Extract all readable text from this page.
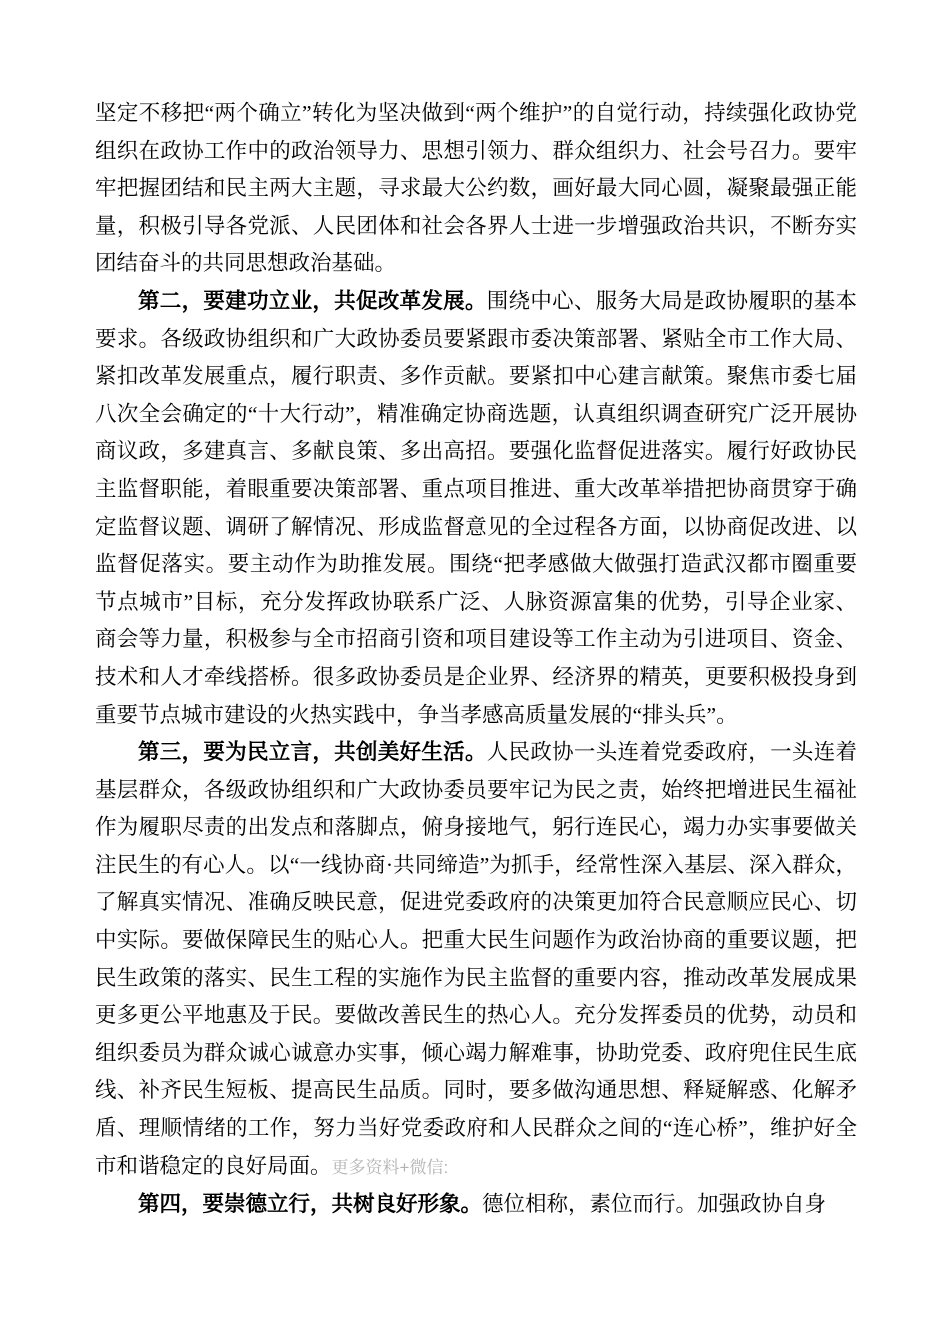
坚定不移把“两个确立”转化为坚决做到“两个维护”的自觉行动，持续强化政协党组织在政协工作中的政治领导力、思想引领力、群众组织力、社会号召力。要牢牢把握团结和民主两大主题，寻求最大公约数，画好最大同心圆，凝聚最强正能量，积极引导各党派、人民团体和社会各界人士进一步增强政治共识，不断夯实团结奋斗的共同思想政治基础。

第二，要建功立业，共促改革发展。围绕中心、服务大局是政协履职的基本要求。各级政协组织和广大政协委员要紧跟市委决策部署、紧贴全市工作大局、紧扣改革发展重点，履行职责、多作贡献。要紧扣中心建言献策。聚焦市委七届八次全会确定的“十大行动”，精准确定协商选题，认真组织调查研究广泛开展协商议政，多建真言、多献良策、多出高招。要强化监督促进落实。履行好政协民主监督职能，着眼重要决策部署、重点项目推进、重大改革举措把协商贯穿于确定监督议题、调研了解情况、形成监督意见的全过程各方面，以协商促改进、以监督促落实。要主动作为助推发展。围绕“把孝感做大做强打造武汉都市圈重要节点城市”目标，充分发挥政协联系广泛、人脉资源富集的优势，引导企业家、商会等力量，积极参与全市招商引资和项目建设等工作主动为引进项目、资金、技术和人才牵线搭桥。很多政协委员是企业界、经济界的精英，更要积极投身到重要节点城市建设的火热实践中，争当孝感高质量发展的“排头兵”。

第三，要为民立言，共创美好生活。人民政协一头连着党委政府，一头连着基层群众，各级政协组织和广大政协委员要牢记为民之责，始终把增进民生福祉作为履职尽责的出发点和落脚点，俯身接地气，躬行连民心，竭力办实事要做关注民生的有心人。以“一线协商·共同缔造”为抓手，经常性深入基层、深入群众，了解真实情况、准确反映民意，促进党委政府的决策更加符合民意顺应民心、切中实际。要做保障民生的贴心人。把重大民生问题作为政治协商的重要议题，把民生政策的落实、民生工程的实施作为民主监督的重要内容，推动改革发展成果更多更公平地惠及于民。要做改善民生的热心人。充分发挥委员的优势，动员和组织委员为群众诚心诚意办实事，倾心竭力解难事，协助党委、政府兜住民生底线、补齐民生短板、提高民生品质。同时，要多做沟通思想、释疑解惑、化解矛盾、理顺情绪的工作，努力当好党委政府和人民群众之间的“连心桥”，维护好全市和谐稳定的良好局面。更多资料+微信:

第四，要崇德立行，共树良好形象。德位相称，素位而行。加强政协自身
